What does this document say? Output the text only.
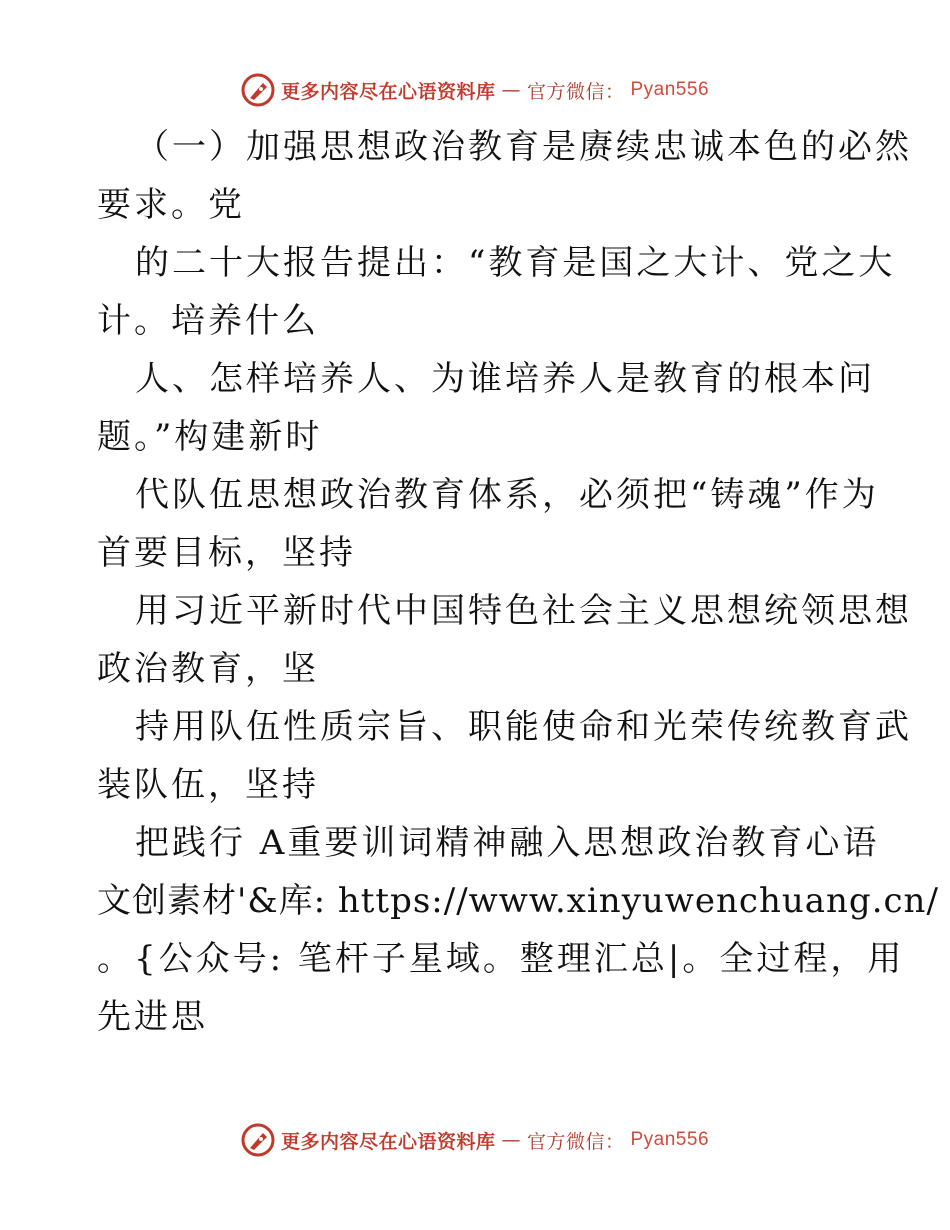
更多内容尽在心语资料库 — 官方微信： Pyan556
（一）加强思想政治教育是赓续忠诚本色的必然
要求。党
的二十大报告提出：“教育是国之大计、党之大
计。培养什么
人、怎样培养人、为谁培养人是教育的根本问
题。”构建新时
代队伍思想政治教育体系，必须把“铸魂”作为
首要目标，坚持
用习近平新时代中国特色社会主义思想统领思想
政治教育，坚
持用队伍性质宗旨、职能使命和光荣传统教育武
装队伍，坚持
把践行 A重要训词精神融入思想政治教育心语
文创素材'&库: https://www.xinyuwenchuang.cn/
。{公众号: 笔杆子星域。整理汇总|。全过程，用
先进思
更多内容尽在心语资料库 — 官方微信： Pyan556
